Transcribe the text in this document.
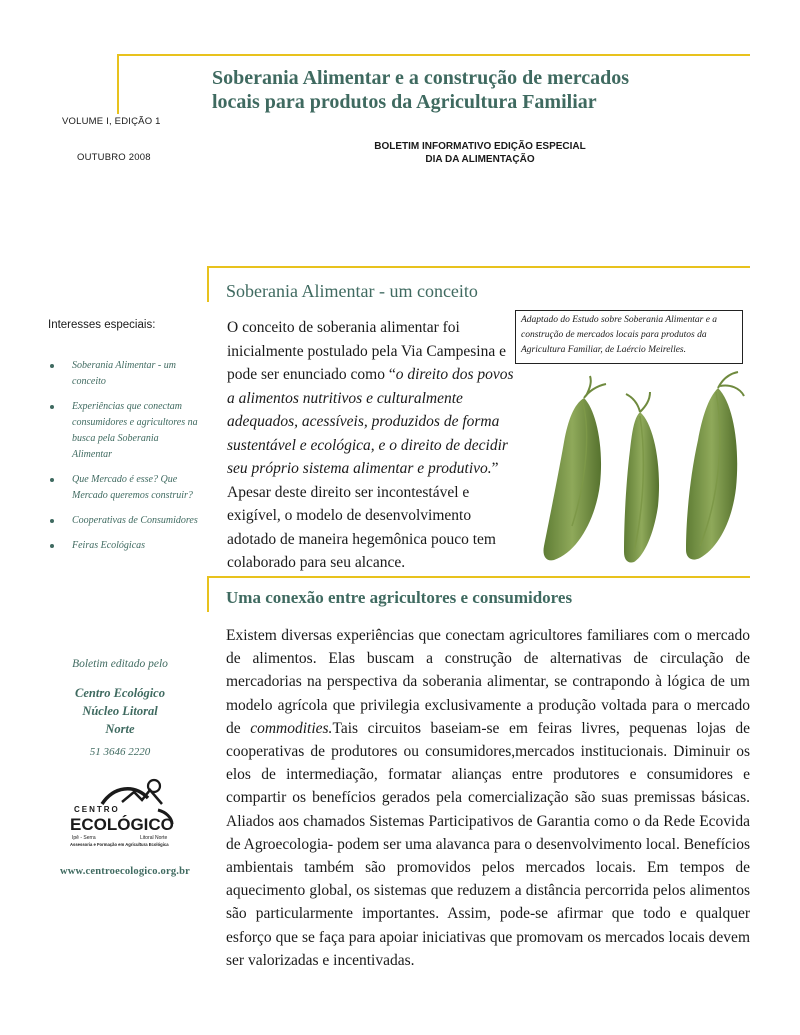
Soberania Alimentar e a construção de mercados
locais para produtos da Agricultura Familiar
VOLUME I, EDIÇÃO 1
OUTUBRO 2008
BOLETIM INFORMATIVO EDIÇÃO ESPECIAL
DIA DA ALIMENTAÇÃO
Soberania Alimentar - um conceito
O conceito de soberania alimentar foi inicialmente postulado pela Via Campesina e pode ser enunciado como “o direito dos povos a alimentos nutritivos e culturalmente adequados, acessíveis, produzidos de forma sustentável e ecológica, e o direito de decidir seu próprio sistema alimentar e produtivo.” Apesar deste direito ser incontestável e exigível, o modelo de desenvolvimento adotado de maneira hegemônica pouco tem colaborado para seu alcance.
Adaptado do Estudo sobre Soberania Alimentar e a construção de mercados locais para produtos da Agricultura Familiar, de Laércio Meirelles.
Uma conexão entre agricultores e consumidores
Existem diversas experiências que conectam agricultores familiares com o mercado de alimentos. Elas buscam a construção de alternativas de circulação de mercadorias na perspectiva da soberania alimentar, se contrapondo à lógica de um modelo agrícola que privilegia exclusivamente a produção voltada para o mercado de commodities.Tais circuitos baseiam-se em feiras livres, pequenas lojas de cooperativas de produtores ou consumidores,mercados institucionais. Diminuir os elos de intermediação, formatar alianças entre produtores e consumidores e compartir os benefícios gerados pela comercialização são suas premissas básicas. Aliados aos chamados Sistemas Participativos de Garantia como o da Rede Ecovida de Agroecologia- podem ser uma alavanca para o desenvolvimento local. Benefícios ambientais também são promovidos pelos mercados locais. Em tempos de aquecimento global, os sistemas que reduzem a distância percorrida pelos alimentos são particularmente importantes. Assim, pode-se afirmar que todo e qualquer esforço que se faça para apoiar iniciativas que promovam os mercados locais devem ser valorizadas e incentivadas.
Interesses especiais:
Soberania Alimentar - um conceito
Experiências que conectam consumidores e agricultores na busca pela Soberania Alimentar
Que Mercado é esse? Que Mercado queremos construir?
Cooperativas de Consumidores
Feiras Ecológicas
Boletim editado pelo
Centro Ecológico
Núcleo Litoral
Norte
51 3646 2220
CENTRO
ECOLÓGICO
Ipê - Serra	Litoral Norte
Assessoria e Formação em Agricultura Ecológica
www.centroecologico.org.br
